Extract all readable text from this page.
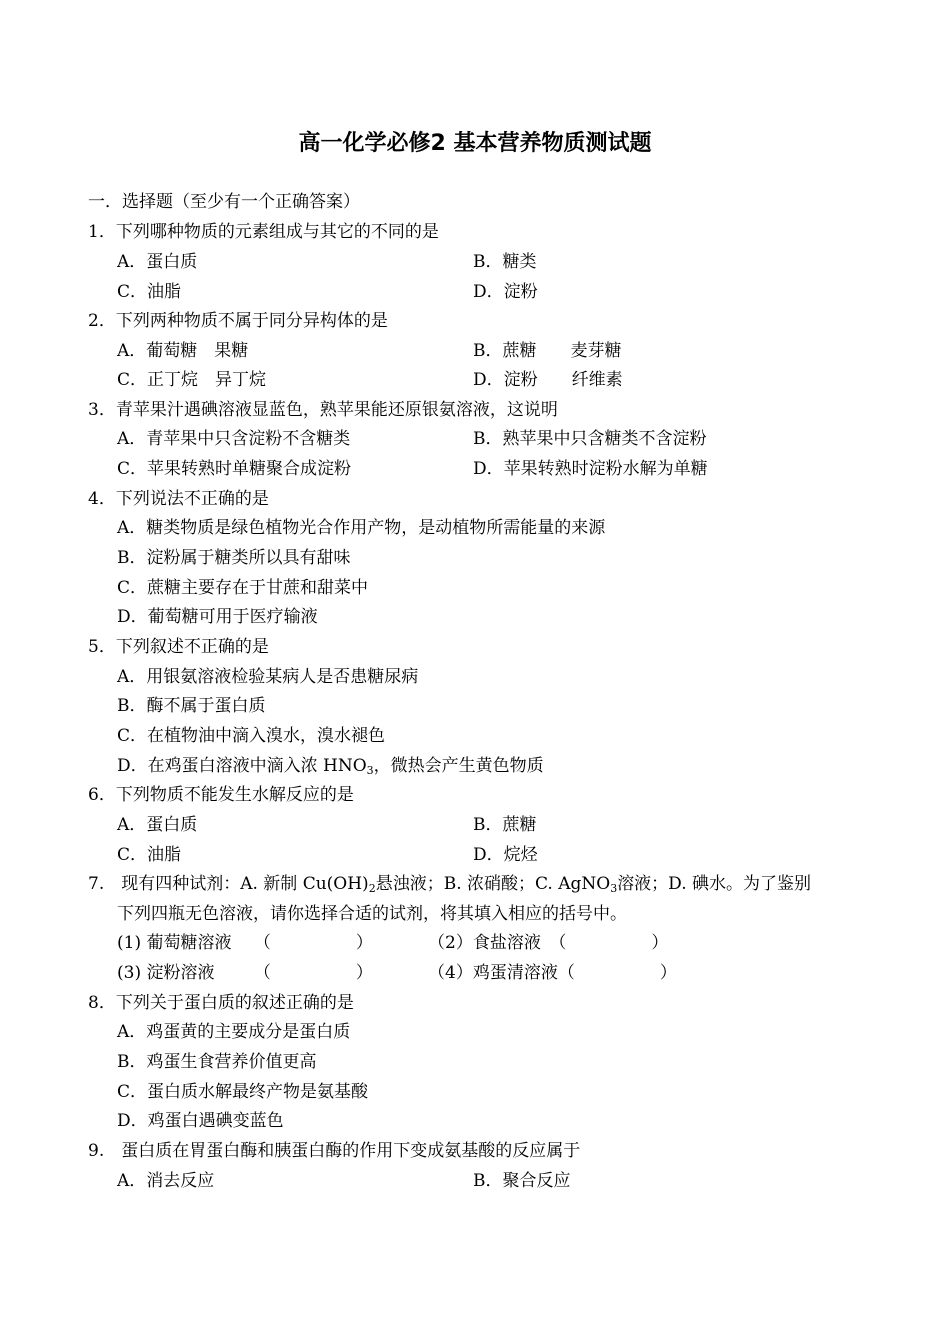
高一化学必修2 基本营养物质测试题
一．选择题（至少有一个正确答案）
1．下列哪种物质的元素组成与其它的不同的是
A．蛋白质	B．糖类
C．油脂	D．淀粉
2．下列两种物质不属于同分异构体的是
A．葡萄糖　果糖	B．蔗糖　　麦芽糖
C．正丁烷　异丁烷	D．淀粉　　纤维素
3．青苹果汁遇碘溶液显蓝色，熟苹果能还原银氨溶液，这说明
A．青苹果中只含淀粉不含糖类	B．熟苹果中只含糖类不含淀粉
C．苹果转熟时单糖聚合成淀粉	D．苹果转熟时淀粉水解为单糖
4．下列说法不正确的是
A．糖类物质是绿色植物光合作用产物，是动植物所需能量的来源
B．淀粉属于糖类所以具有甜味
C．蔗糖主要存在于甘蔗和甜菜中
D．葡萄糖可用于医疗输液
5．下列叙述不正确的是
A．用银氨溶液检验某病人是否患糖尿病
B．酶不属于蛋白质
C．在植物油中滴入溴水，溴水褪色
D．在鸡蛋白溶液中滴入浓 $HNO_3$，微热会产生黄色物质
6．下列物质不能发生水解反应的是
A．蛋白质	B．蔗糖
C．油脂	D．烷烃
7.　现有四种试剂：A. 新制 $Cu(OH)_2$悬浊液；B. 浓硝酸；C. AgNO$_3$溶液；D. 碘水。为了鉴别
下列四瓶无色溶液，请你选择合适的试剂，将其填入相应的括号中。
(1) 葡萄糖溶液　 （　　　　　）	（2）食盐溶液　（　　　　　）
(3) 淀粉溶液　　 （　　　　　）	（4）鸡蛋清溶液（　　　　　）
8．下列关于蛋白质的叙述正确的是
A．鸡蛋黄的主要成分是蛋白质
B．鸡蛋生食营养价值更高
C．蛋白质水解最终产物是氨基酸
D．鸡蛋白遇碘变蓝色
9.　蛋白质在胃蛋白酶和胰蛋白酶的作用下变成氨基酸的反应属于
A．消去反应	B．聚合反应
